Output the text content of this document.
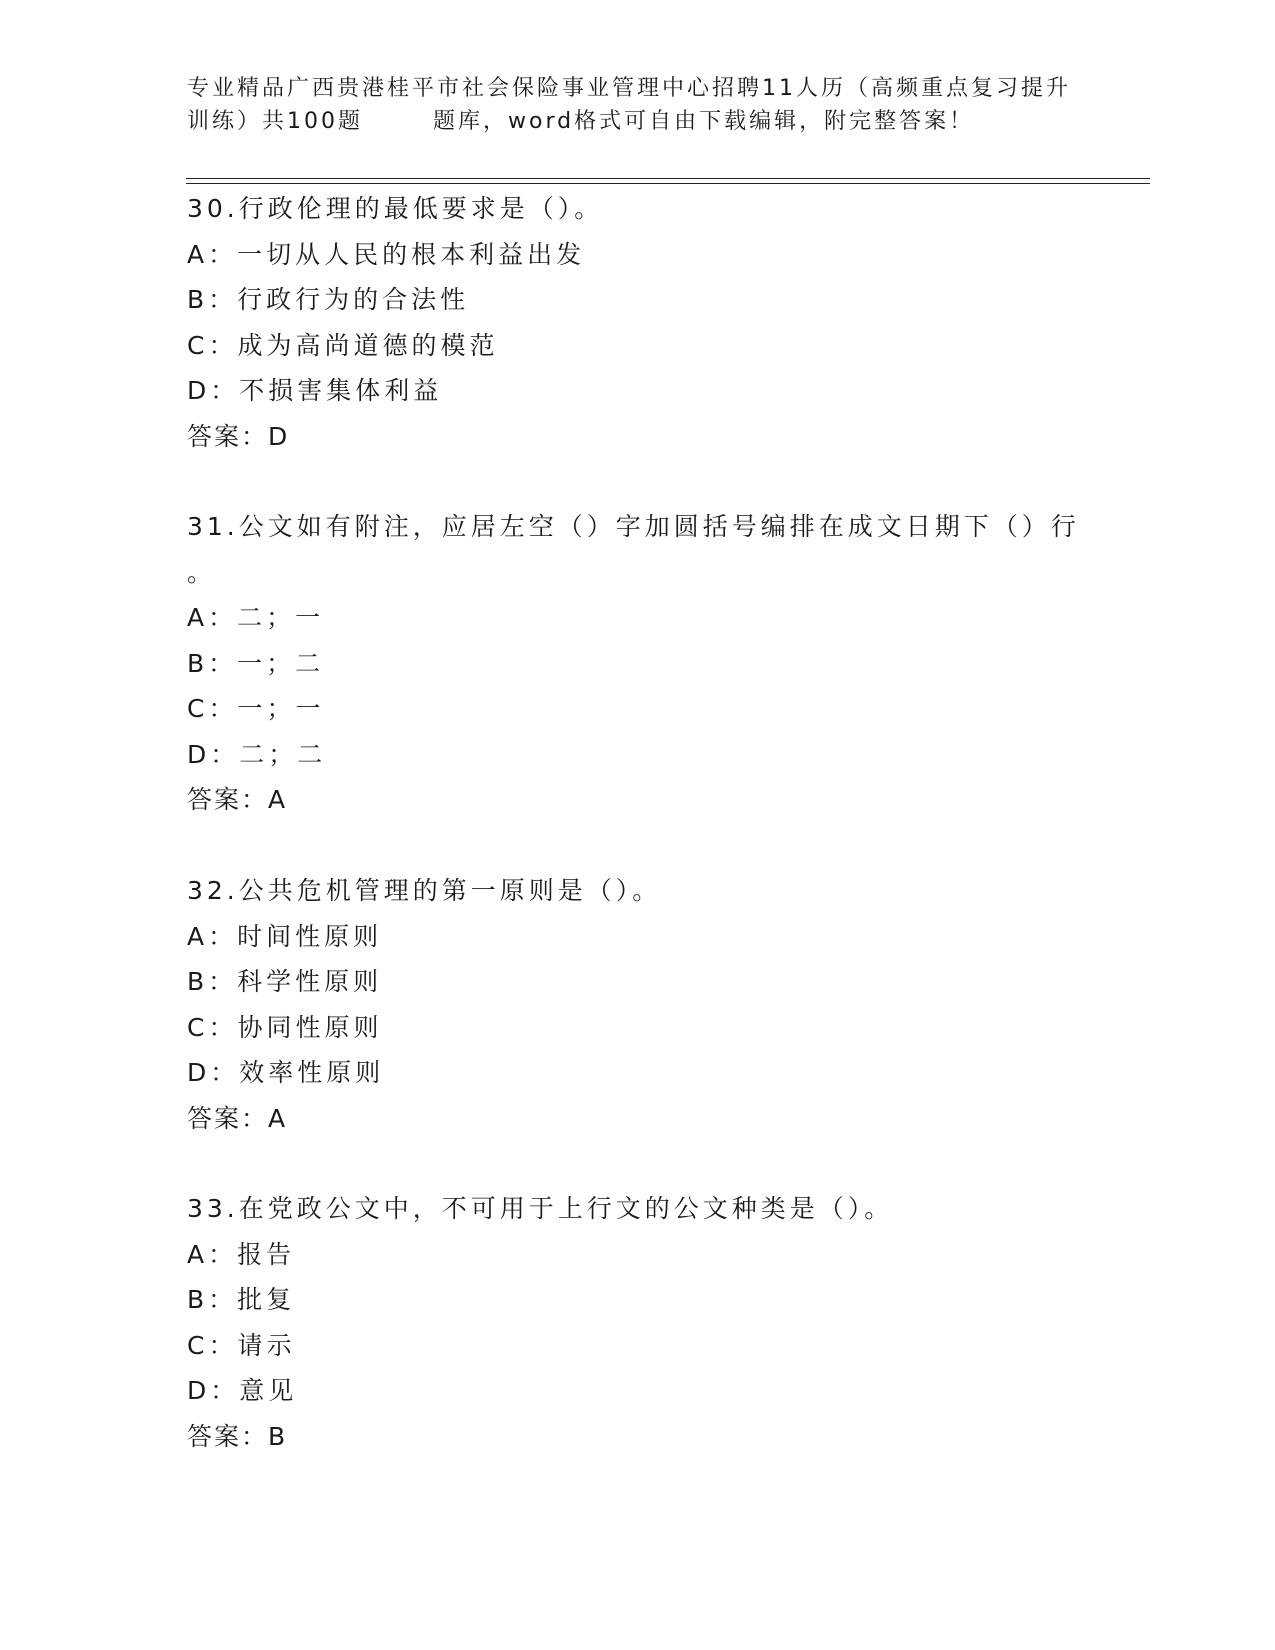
专业精品广西贵港桂平市社会保险事业管理中心招聘11人历（高频重点复习提升
训练）共100题	题库，word格式可自由下载编辑，附完整答案！
30.行政伦理的最低要求是（）。
A：一切从人民的根本利益出发
B：行政行为的合法性
C：成为高尚道德的模范
D：不损害集体利益
答案：D
31.公文如有附注，应居左空（）字加圆括号编排在成文日期下（）行
。
A：二；一
B：一；二
C：一；一
D：二；二
答案：A
32.公共危机管理的第一原则是（）。
A：时间性原则
B：科学性原则
C：协同性原则
D：效率性原则
答案：A
33.在党政公文中，不可用于上行文的公文种类是（）。
A：报告
B：批复
C：请示
D：意见
答案：B
